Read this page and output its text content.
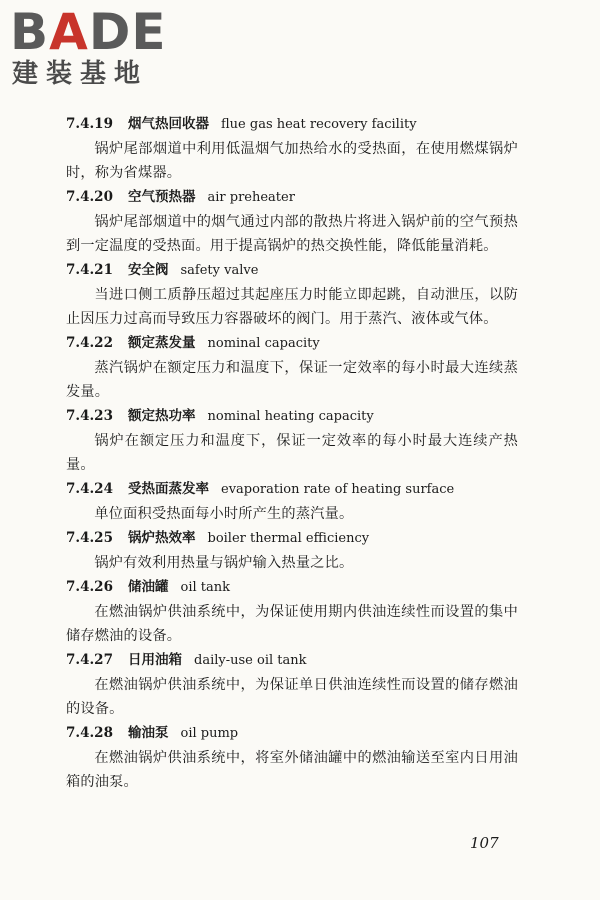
BADE
建装基地
7.4.19 烟气热回收器 flue gas heat recovery facility

锅炉尾部烟道中利用低温烟气加热给水的受热面，在使用燃煤锅炉时，称为省煤器。

7.4.20 空气预热器 air preheater

锅炉尾部烟道中的烟气通过内部的散热片将进入锅炉前的空气预热到一定温度的受热面。用于提高锅炉的热交换性能，降低能量消耗。

7.4.21 安全阀 safety valve

当进口侧工质静压超过其起座压力时能立即起跳，自动泄压，以防止因压力过高而导致压力容器破坏的阀门。用于蒸汽、液体或气体。

7.4.22 额定蒸发量 nominal capacity

蒸汽锅炉在额定压力和温度下，保证一定效率的每小时最大连续蒸发量。

7.4.23 额定热功率 nominal heating capacity

锅炉在额定压力和温度下，保证一定效率的每小时最大连续产热量。

7.4.24 受热面蒸发率 evaporation rate of heating surface

单位面积受热面每小时所产生的蒸汽量。

7.4.25 锅炉热效率 boiler thermal efficiency

锅炉有效利用热量与锅炉输入热量之比。

7.4.26 储油罐 oil tank

在燃油锅炉供油系统中，为保证使用期内供油连续性而设置的集中储存燃油的设备。

7.4.27 日用油箱 daily-use oil tank

在燃油锅炉供油系统中，为保证单日供油连续性而设置的储存燃油的设备。

7.4.28 输油泵 oil pump

在燃油锅炉供油系统中，将室外储油罐中的燃油输送至室内日用油箱的油泵。

107
